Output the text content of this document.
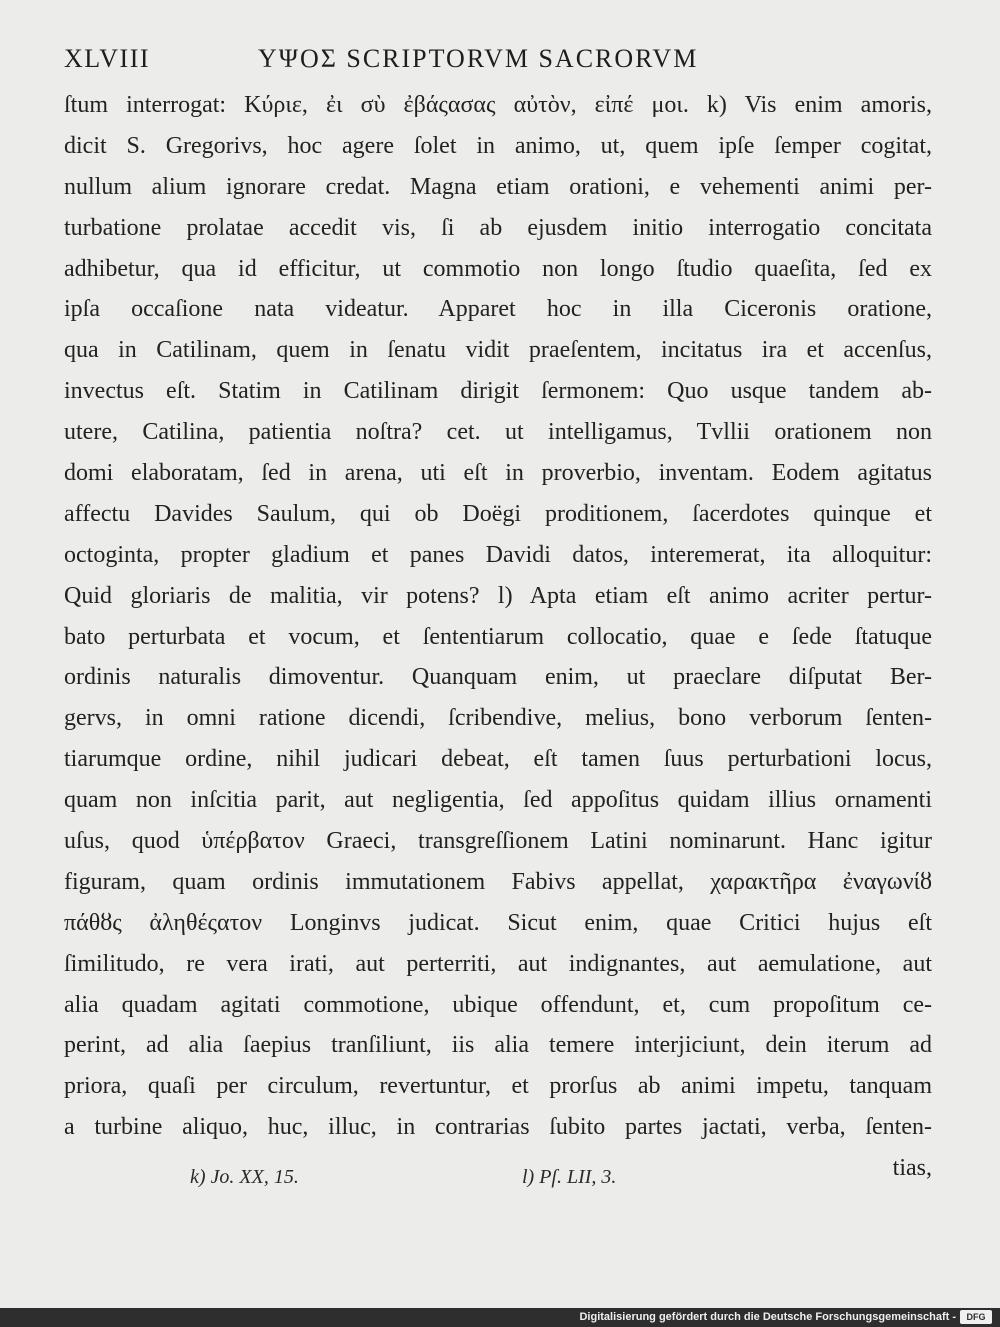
XLVIII	ΥΨΟΣ SCRIPTORVM SACRORVM
ſtum interrogat: Κύριε, ἐι σὺ ἐβάςασας αὐτὸν, εἰπέ μοι. k) Vis enim amoris,
dicit S. Gregorivs, hoc agere ſolet in animo, ut, quem ipſe ſemper cogitat,
nullum alium ignorare credat. Magna etiam orationi, e vehementi animi per-
turbatione prolatae accedit vis, ſi ab ejusdem initio interrogatio concitata
adhibetur, qua id efficitur, ut commotio non longo ſtudio quaeſita, ſed ex
ipſa occaſione nata videatur. Apparet hoc in illa Ciceronis oratione,
qua in Catilinam, quem in ſenatu vidit praeſentem, incitatus ira et accenſus,
invectus eſt. Statim in Catilinam dirigit ſermonem: Quo usque tandem ab-
utere, Catilina, patientia noſtra? cet. ut intelligamus, Tvllii orationem non
domi elaboratam, ſed in arena, uti eſt in proverbio, inventam. Eodem agitatus
affectu Davides Saulum, qui ob Doëgi proditionem, ſacerdotes quinque et
octoginta, propter gladium et panes Davidi datos, interemerat, ita alloquitur:
Quid gloriaris de malitia, vir potens? l) Apta etiam eſt animo acriter pertur-
bato perturbata et vocum, et ſententiarum collocatio, quae e ſede ſtatuque
ordinis naturalis dimoventur. Quanquam enim, ut praeclare diſputat Ber-
gervs, in omni ratione dicendi, ſcribendive, melius, bono verborum ſenten-
tiarumque ordine, nihil judicari debeat, eſt tamen ſuus perturbationi locus,
quam non inſcitia parit, aut negligentia, ſed appoſitus quidam illius ornamenti
uſus, quod ὑπέρβατον Graeci, transgreſſionem Latini nominarunt. Hanc igitur
figuram, quam ordinis immutationem Fabivs appellat, χαρακτῆρα ἐναγωνίȣ
πάθȣς ἀληθέςατον Longinvs judicat. Sicut enim, quae Critici hujus eſt
ſimilitudo, re vera irati, aut perterriti, aut indignantes, aut aemulatione, aut
alia quadam agitati commotione, ubique offendunt, et, cum propoſitum ce-
perint, ad alia ſaepius tranſiliunt, iis alia temere interjiciunt, dein iterum ad
priora, quaſi per circulum, revertuntur, et prorſus ab animi impetu, tanquam
a turbine aliquo, huc, illuc, in contrarias ſubito partes jactati, verba, ſenten-
tias,
k) Jo. XX, 15.	l) Pſ. LII, 3.
Digitalisierung gefördert durch die Deutsche Forschungsgemeinschaft -	DFG
